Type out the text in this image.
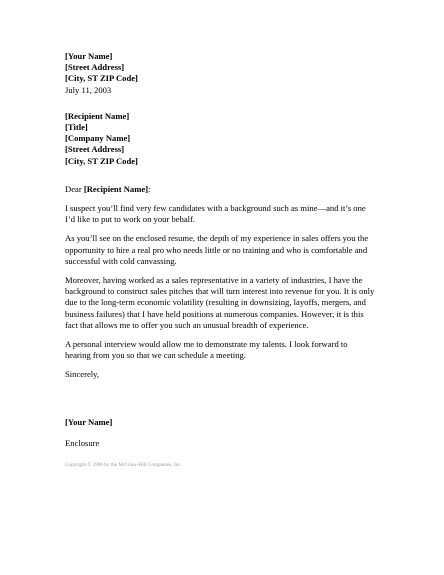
[Your Name]
[Street Address]
[City, ST ZIP Code]
July 11, 2003
[Recipient Name]
[Title]
[Company Name]
[Street Address]
[City, ST ZIP Code]
Dear [Recipient Name]:
I suspect you’ll find very few candidates with a background such as mine—and it’s one
I’d like to put to work on your behalf.
As you’ll see on the enclosed resume, the depth of my experience in sales offers you the
opportunity to hire a real pro who needs little or no training and who is comfortable and
successful with cold canvassing.
Moreover, having worked as a sales representative in a variety of industries, I have the
background to construct sales pitches that will turn interest into revenue for you. It is only
due to the long-term economic volatility (resulting in downsizing, layoffs, mergers, and
business failures) that I have held positions at numerous companies. However, it is this
fact that allows me to offer you such an unusual breadth of experience.
A personal interview would allow me to demonstrate my talents. I look forward to
hearing from you so that we can schedule a meeting.
Sincerely,
[Your Name]
Enclosure
Copyright © 1996 by the McGraw-Hill Companies, Inc.
